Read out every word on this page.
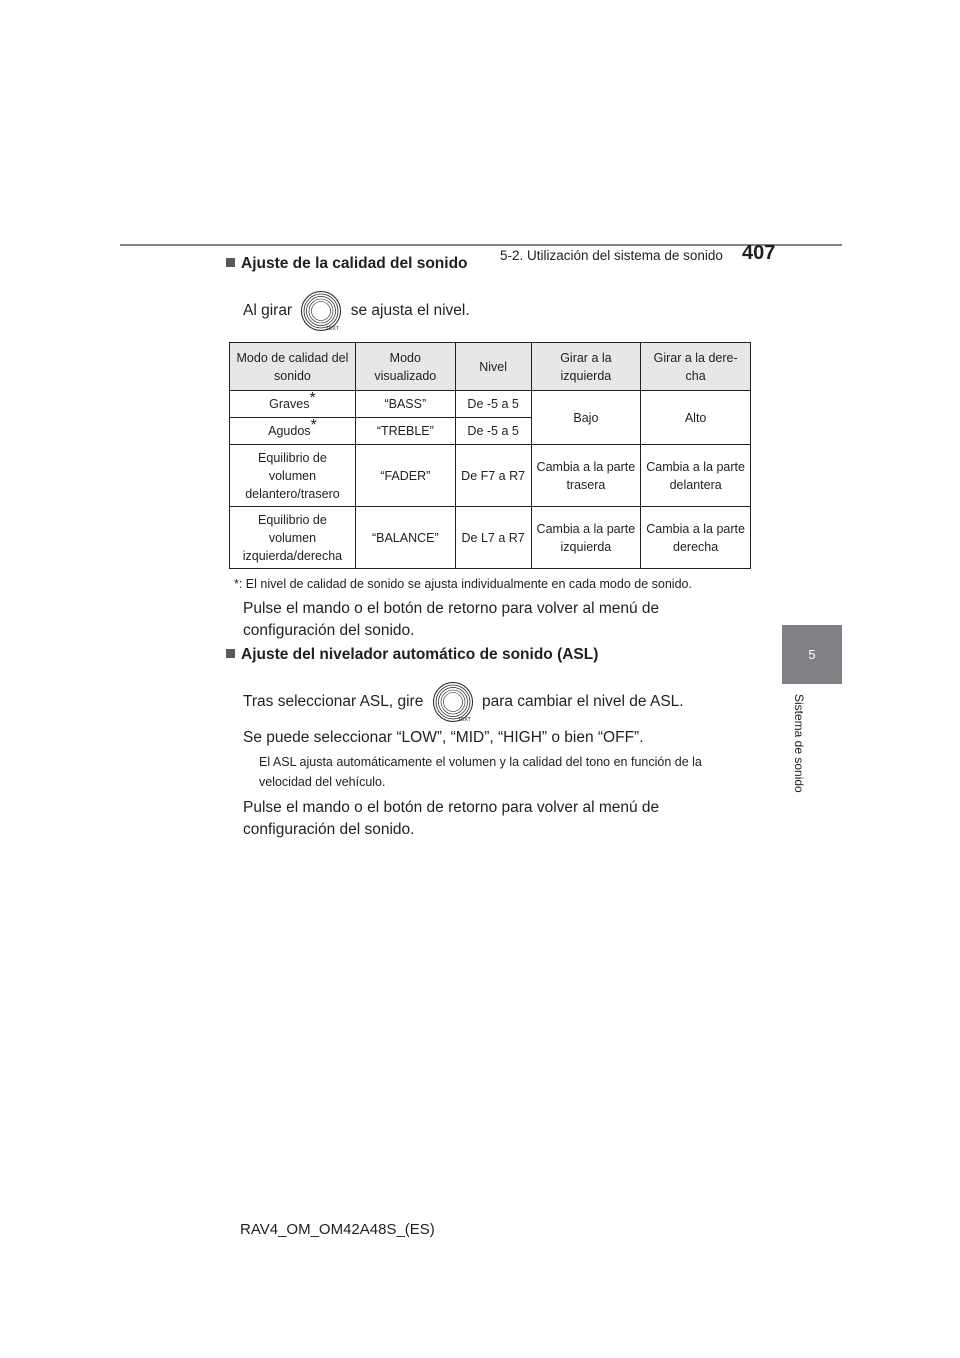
5-2. Utilización del sistema de sonido 407
5
Sistema de sonido
Ajuste de la calidad del sonido
Al girar
TEXT
se ajusta el nivel.
Modo de calidad del sonido	Modo visualizado	Nivel	Girar a la izquierda	Girar a la dere- cha
Graves*	“BASS”	De -5 a 5	Bajo	Alto
Agudos*	“TREBLE”	De -5 a 5		
Equilibrio de volumen delantero/trasero	“FADER”	De F7 a R7	Cambia a la parte trasera	Cambia a la parte delantera
Equilibrio de volumen izquierda/derecha	“BALANCE”	De L7 a R7	Cambia a la parte izquierda	Cambia a la parte derecha
*: El nivel de calidad de sonido se ajusta individualmente en cada modo de sonido.
Pulse el mando o el botón de retorno para volver al menú de configuración del sonido.
Ajuste del nivelador automático de sonido (ASL)
Tras seleccionar ASL, gire
TEXT
para cambiar el nivel de ASL.
Se puede seleccionar “LOW”, “MID”, “HIGH” o bien “OFF”.
El ASL ajusta automáticamente el volumen y la calidad del tono en función de la velocidad del vehículo.
Pulse el mando o el botón de retorno para volver al menú de configuración del sonido.
RAV4_OM_OM42A48S_(ES)
